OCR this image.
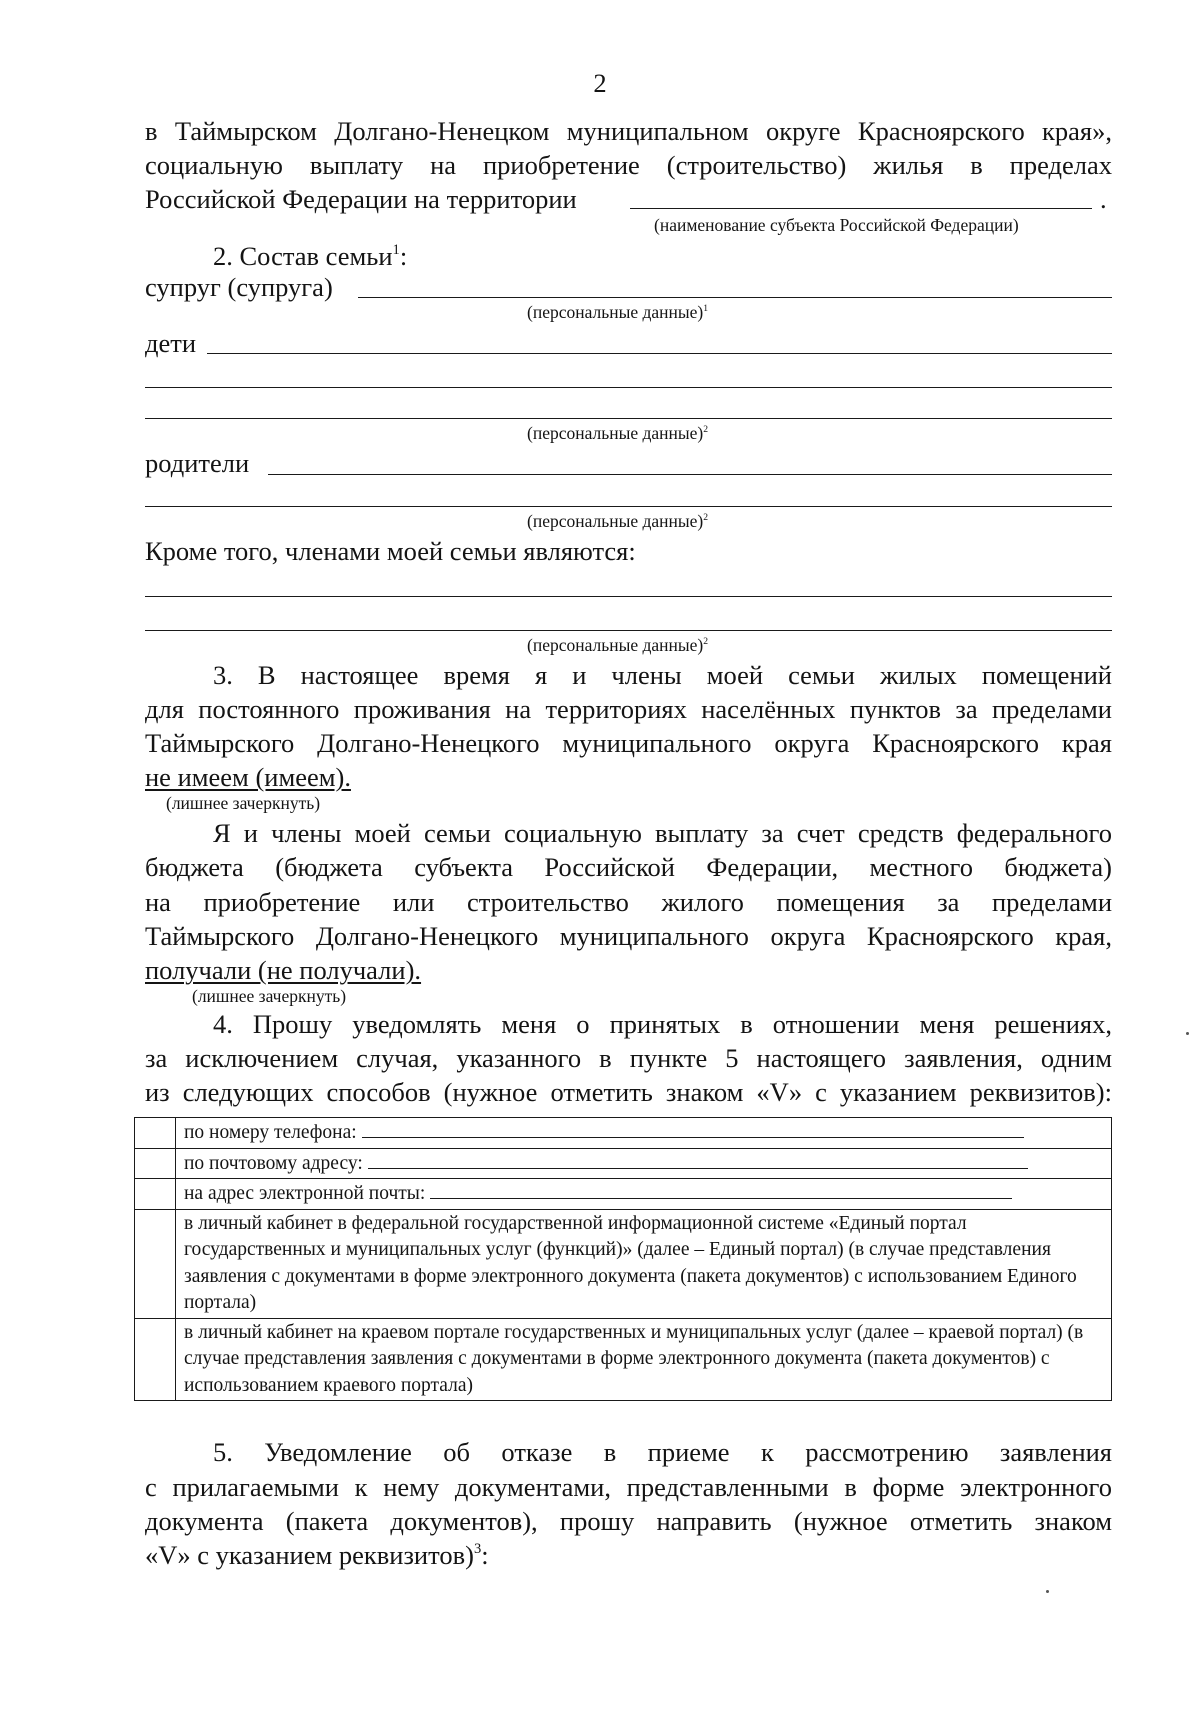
2
в Таймырском Долгано-Ненецком муниципальном округе Красноярского края»,
социальную выплату на приобретение (строительство) жилья в пределах
Российской Федерации на территории	.
(наименование субъекта Российской Федерации)
2. Состав семьи$^1$:
супруг (супруга)
(персональные данные)$^1$
дети
(персональные данные)$^2$
родители
(персональные данные)$^2$
Кроме того, членами моей семьи являются:
(персональные данные)$^2$
3. В настоящее время я и члены моей семьи жилых помещений
для постоянного проживания на территориях населённых пунктов за пределами
Таймырского Долгано-Ненецкого муниципального округа Красноярского края
не имеем (имеем).
(лишнее зачеркнуть)
Я и члены моей семьи социальную выплату за счет средств федерального
бюджета (бюджета субъекта Российской Федерации, местного бюджета)
на приобретение или строительство жилого помещения за пределами
Таймырского Долгано-Ненецкого муниципального округа Красноярского края,
получали (не получали).
(лишнее зачеркнуть)
4. Прошу уведомлять меня о принятых в отношении меня решениях,
за исключением случая, указанного в пункте 5 настоящего заявления, одним
из следующих способов (нужное отметить знаком «V» с указанием реквизитов):
	по номеру телефона:
	по почтовому адресу:
	на адрес электронной почты:
	в личный кабинет в федеральной государственной информационной системе «Единый портал государственных и муниципальных услуг (функций)» (далее – Единый портал) (в случае представления заявления с документами в форме электронного документа (пакета документов) с использованием Единого портала)
	в личный кабинет на краевом портале государственных и муниципальных услуг (далее – краевой портал) (в случае представления заявления с документами в форме электронного документа (пакета документов) с использованием краевого портала)
5. Уведомление об отказе в приеме к рассмотрению заявления
с прилагаемыми к нему документами, представленными в форме электронного
документа (пакета документов), прошу направить (нужное отметить знаком
«V» с указанием реквизитов)$^3$:
